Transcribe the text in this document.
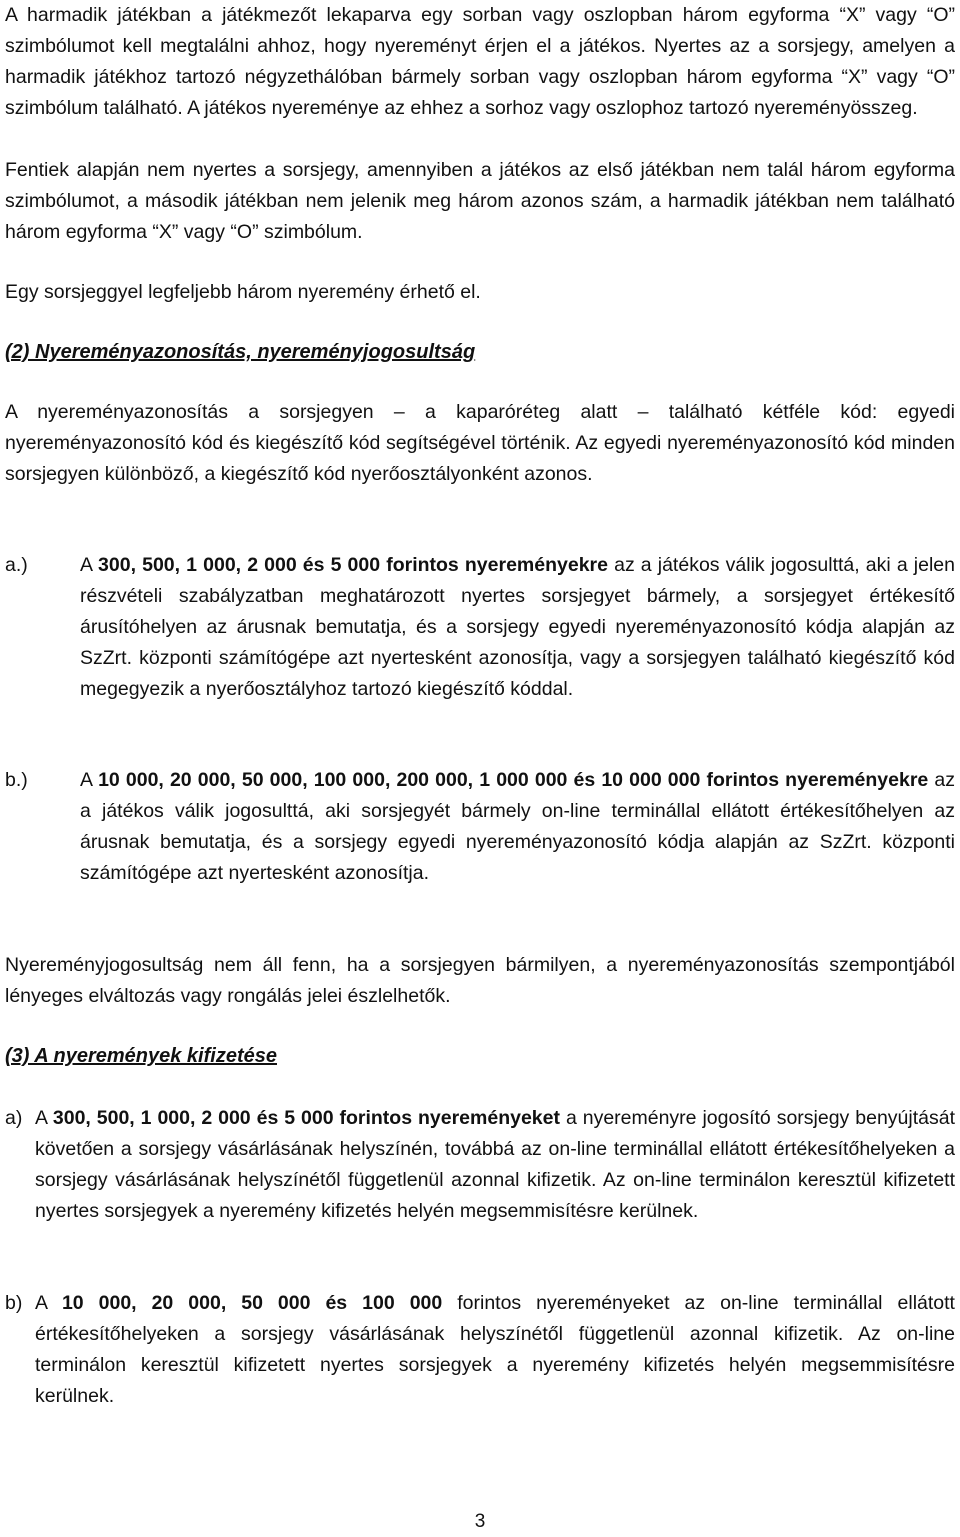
A harmadik játékban a játékmezőt lekaparva egy sorban vagy oszlopban három egyforma “X” vagy “O” szimbólumot kell megtalálni ahhoz, hogy nyereményt érjen el a játékos. Nyertes az a sorsjegy, amelyen a harmadik játékhoz tartozó négyzethálóban bármely sorban vagy oszlopban három egyforma “X” vagy “O” szimbólum található. A játékos nyereménye az ehhez a sorhoz vagy oszlophoz tartozó nyereményösszeg.

Fentiek alapján nem nyertes a sorsjegy, amennyiben a játékos az első játékban nem talál három egyforma szimbólumot, a második játékban nem jelenik meg három azonos szám, a harmadik játékban nem található három egyforma “X” vagy “O” szimbólum.

Egy sorsjeggyel legfeljebb három nyeremény érhető el.

(2) Nyereményazonosítás, nyereményjogosultság

A nyereményazonosítás a sorsjegyen – a kaparóréteg alatt – található kétféle kód: egyedi nyereményazonosító kód és kiegészítő kód segítségével történik. Az egyedi nyereményazonosító kód minden sorsjegyen különböző, a kiegészítő kód nyerőosztályonként azonos.

a.)	A 300, 500, 1 000, 2 000 és 5 000 forintos nyereményekre az a játékos válik jogosulttá, aki a jelen részvételi szabályzatban meghatározott nyertes sorsjegyet bármely, a sorsjegyet értékesítő árusítóhelyen az árusnak bemutatja, és a sorsjegy egyedi nyereményazonosító kódja alapján az SzZrt. központi számítógépe azt nyertesként azonosítja, vagy a sorsjegyen található kiegészítő kód megegyezik a nyerőosztályhoz tartozó kiegészítő kóddal.

b.)	A 10 000, 20 000, 50 000, 100 000, 200 000, 1 000 000 és 10 000 000 forintos nyereményekre az a játékos válik jogosulttá, aki sorsjegyét bármely on-line terminállal ellátott értékesítőhelyen az árusnak bemutatja, és a sorsjegy egyedi nyereményazonosító kódja alapján az SzZrt. központi számítógépe azt nyertesként azonosítja.

Nyereményjogosultság nem áll fenn, ha a sorsjegyen bármilyen, a nyereményazonosítás szempontjából lényeges elváltozás vagy rongálás jelei észlelhetők.

(3) A nyeremények kifizetése

a) A 300, 500, 1 000, 2 000 és 5 000 forintos nyereményeket a nyereményre jogosító sorsjegy benyújtását követően a sorsjegy vásárlásának helyszínén, továbbá az on-line terminállal ellátott értékesítőhelyeken a sorsjegy vásárlásának helyszínétől függetlenül azonnal kifizetik. Az on-line terminálon keresztül kifizetett nyertes sorsjegyek a nyeremény kifizetés helyén megsemmisítésre kerülnek.

b) A 10 000, 20 000, 50 000 és 100 000 forintos nyereményeket az on-line terminállal ellátott értékesítőhelyeken a sorsjegy vásárlásának helyszínétől függetlenül azonnal kifizetik. Az on-line terminálon keresztül kifizetett nyertes sorsjegyek a nyeremény kifizetés helyén megsemmisítésre kerülnek.

3
